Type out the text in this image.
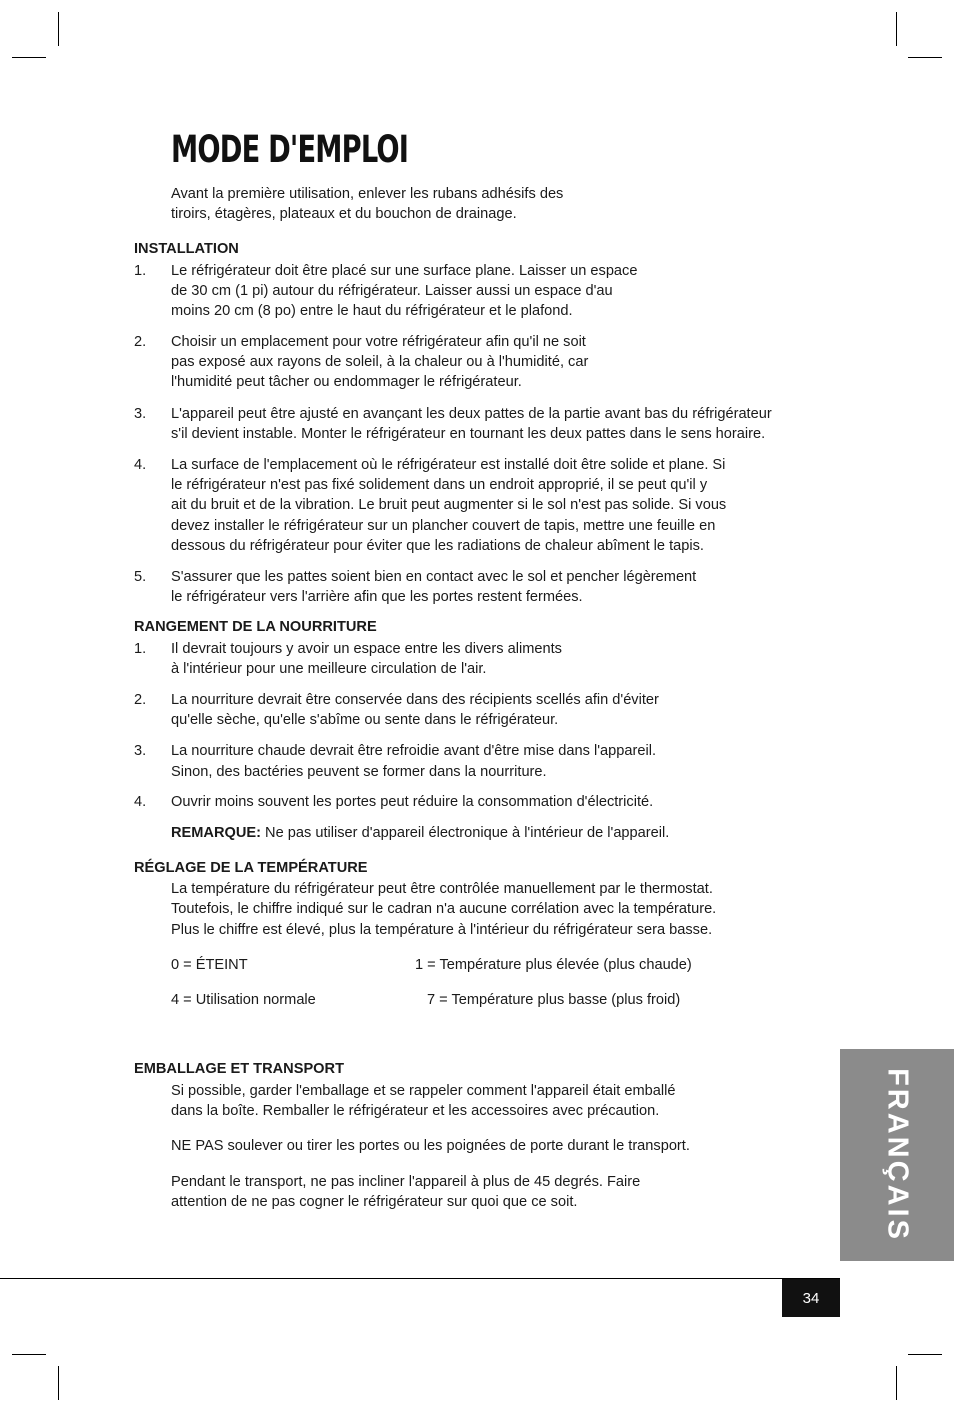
MODE D'EMPLOI
Avant la première utilisation, enlever les rubans adhésifs des
tiroirs, étagères, plateaux et du bouchon de drainage.
INSTALLATION
1. Le réfrigérateur doit être placé sur une surface plane. Laisser un espace
de 30 cm (1 pi) autour du réfrigérateur. Laisser aussi un espace d'au
moins 20 cm (8 po) entre le haut du réfrigérateur et le plafond.
2. Choisir un emplacement pour votre réfrigérateur afin qu'il ne soit
pas exposé aux rayons de soleil, à la chaleur ou à l'humidité, car
l'humidité peut tâcher ou endommager le réfrigérateur.
3. L'appareil peut être ajusté en avançant les deux pattes de la partie avant bas du réfrigérateur
s'il devient instable. Monter le réfrigérateur en tournant les deux pattes dans le sens horaire.
4. La surface de l'emplacement où le réfrigérateur est installé doit être solide et plane. Si
le réfrigérateur n'est pas fixé solidement dans un endroit approprié, il se peut qu'il y
ait du bruit et de la vibration. Le bruit peut augmenter si le sol n'est pas solide. Si vous
devez installer le réfrigérateur sur un plancher couvert de tapis, mettre une feuille en
dessous du réfrigérateur pour éviter que les radiations de chaleur abîment le tapis.
5. S'assurer que les pattes soient bien en contact avec le sol et pencher légèrement
le réfrigérateur vers l'arrière afin que les portes restent fermées.
RANGEMENT DE LA NOURRITURE
1. Il devrait toujours y avoir un espace entre les divers aliments
à l'intérieur pour une meilleure circulation de l'air.
2. La nourriture devrait être conservée dans des récipients scellés afin d'éviter
qu'elle sèche, qu'elle s'abîme ou sente dans le réfrigérateur.
3. La nourriture chaude devrait être refroidie avant d'être mise dans l'appareil.
Sinon, des bactéries peuvent se former dans la nourriture.
4. Ouvrir moins souvent les portes peut réduire la consommation d'électricité.
REMARQUE: Ne pas utiliser d'appareil électronique à l'intérieur de l'appareil.
RÉGLAGE DE LA TEMPÉRATURE
La température du réfrigérateur peut être contrôlée manuellement par le thermostat.
Toutefois, le chiffre indiqué sur le cadran n'a aucune corrélation avec la température.
Plus le chiffre est élevé, plus la température à l'intérieur du réfrigérateur sera basse.
0 = ÉTEINT	1 = Température plus élevée (plus chaude)
4 = Utilisation normale	7 = Température plus basse (plus froid)
EMBALLAGE ET TRANSPORT
Si possible, garder l'emballage et se rappeler comment l'appareil était emballé
dans la boîte. Remballer le réfrigérateur et les accessoires avec précaution.
NE PAS soulever ou tirer les portes ou les poignées de porte durant le transport.
Pendant le transport, ne pas incliner l'appareil à plus de 45 degrés. Faire
attention de ne pas cogner le réfrigérateur sur quoi que ce soit.	FRANÇAIS
34
